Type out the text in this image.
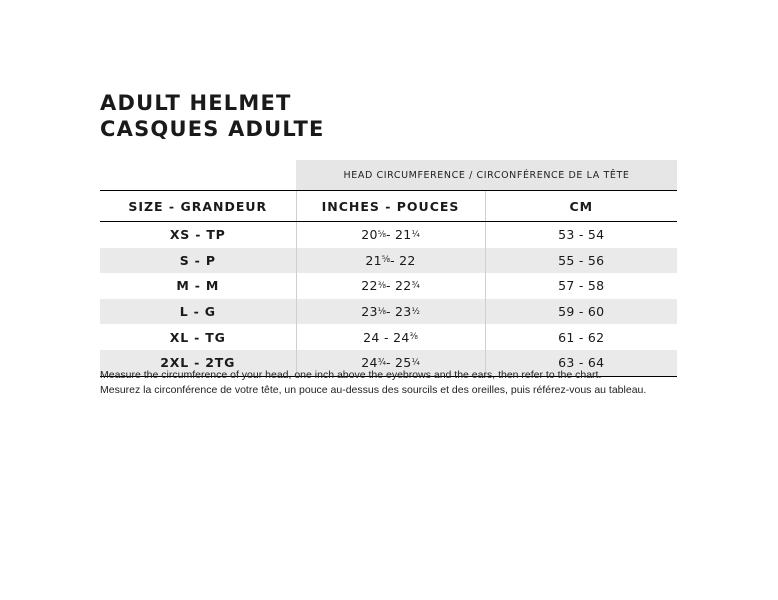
ADULT HELMET
CASQUES ADULTE
	HEAD CIRCUMFERENCE / CIRCONFÉRENCE DE LA TÊTE	
SIZE - GRANDEUR	INCHES - POUCES	CM
XS - TP	20⅝- 21¼	53 - 54
S - P	21⅝- 22	55 - 56
M - M	22⅜- 22¾	57 - 58
L - G	23⅛- 23½	59 - 60
XL - TG	24 - 24⅜	61 - 62
2XL - 2TG	24¾- 25¼	63 - 64
Measure the circumference of your head, one inch above the eyebrows and the ears, then refer to the chart.
Mesurez la circonférence de votre tête, un pouce au-dessus des sourcils et des oreilles, puis référez-vous au tableau.
